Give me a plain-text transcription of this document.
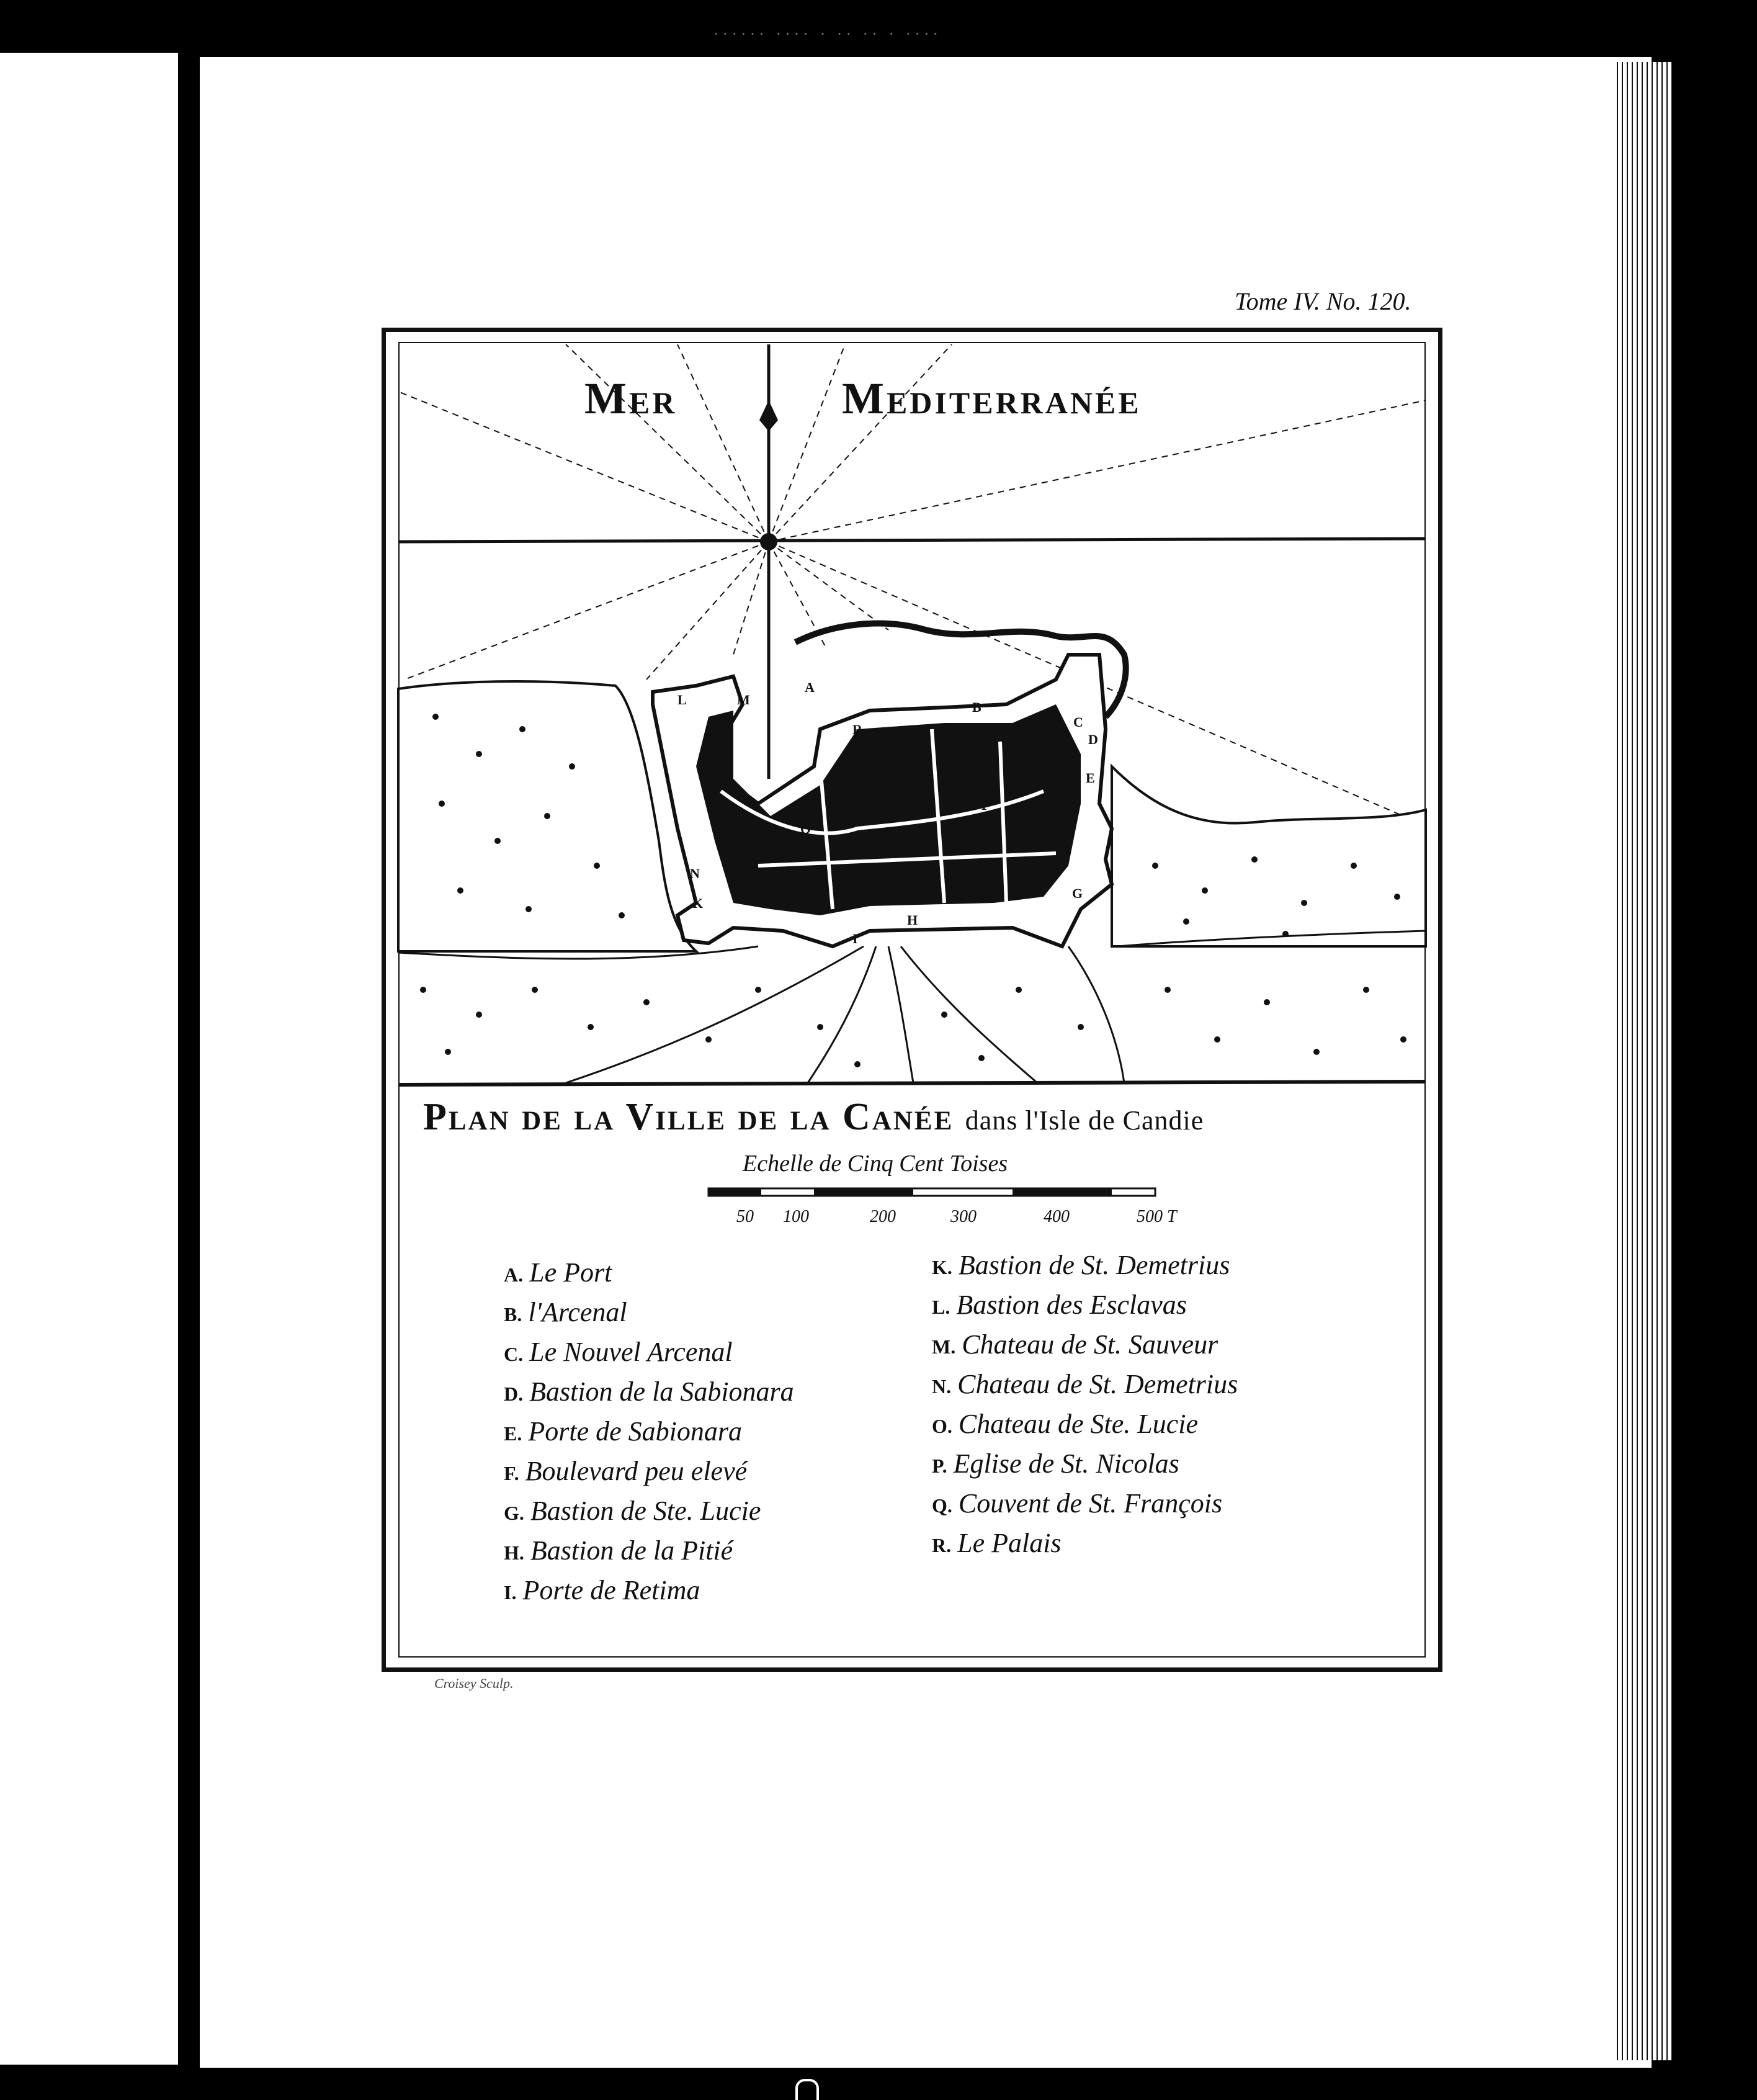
······ ···· · ·· ·· · ····
Tome IV. No. 120.
A
B
C
D
E
F
G
H
I
K
L	M
N	O
P
Q
R
Mer	Mediterranée
Plan de la Ville de la Canée dans l'Isle de Candie
Echelle de Cinq Cent Toises
50 100	200	300	400	500 T
A. Le Port
B. l'Arcenal
C. Le Nouvel Arcenal
D. Bastion de la Sabionara
E. Porte de Sabionara
F. Boulevard peu elevé
G. Bastion de Ste. Lucie
H. Bastion de la Pitié
I. Porte de Retima
K. Bastion de St. Demetrius
L. Bastion des Esclavas
M. Chateau de St. Sauveur
N. Chateau de St. Demetrius
O. Chateau de Ste. Lucie
P. Eglise de St. Nicolas
Q. Couvent de St. François
R. Le Palais
Croisey Sculp.
